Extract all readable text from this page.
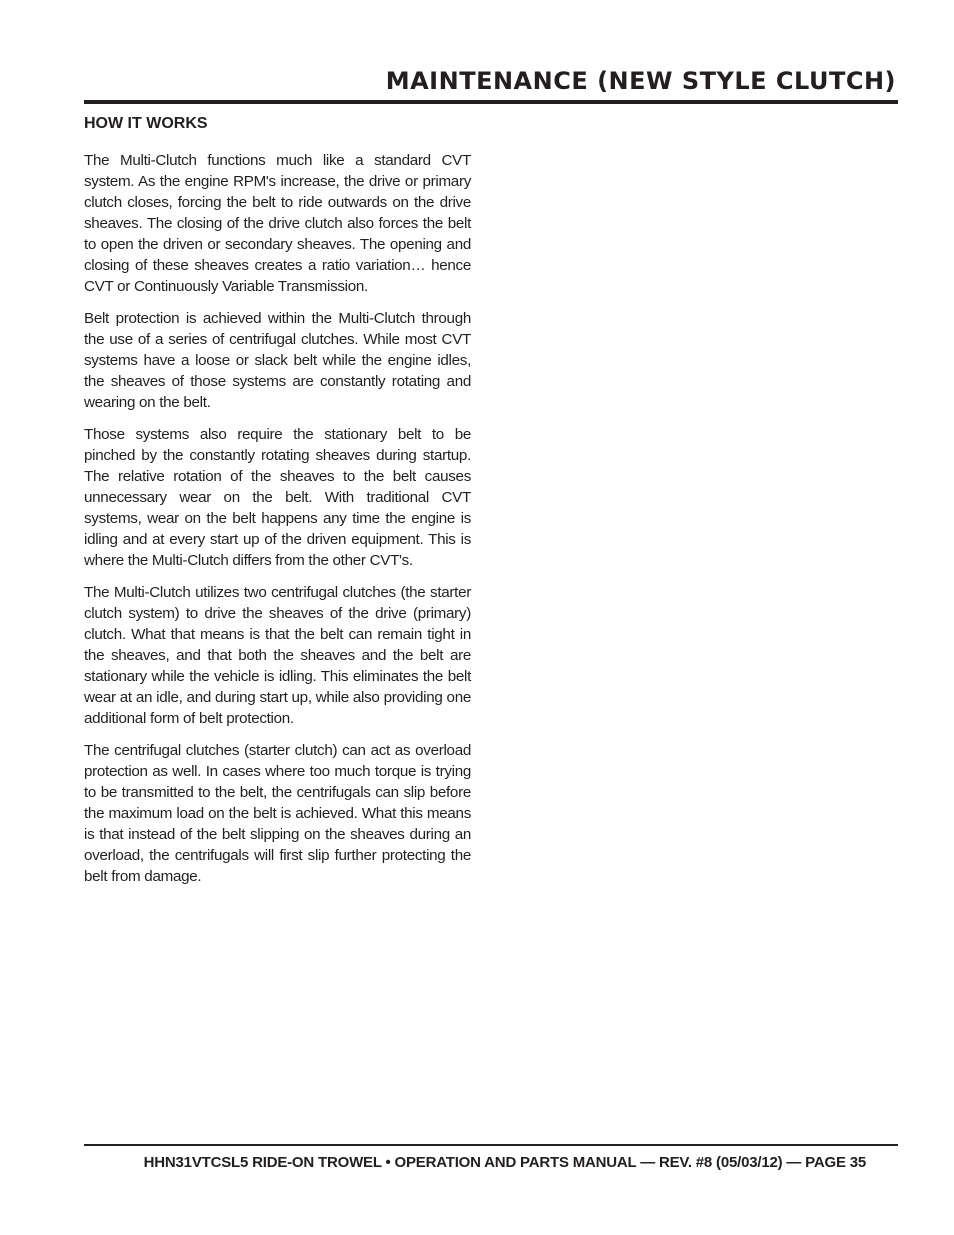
MAINTENANCE (NEW STYLE CLUTCH)
HOW IT WORKS

The Multi-Clutch functions much like a standard CVT system. As the engine RPM's increase, the drive or primary clutch closes, forcing the belt to ride outwards on the drive sheaves. The closing of the drive clutch also forces the belt to open the driven or secondary sheaves. The opening and closing of these sheaves creates a ratio variation… hence CVT or Continuously Variable Transmission.

Belt protection is achieved within the Multi-Clutch through the use of a series of centrifugal clutches. While most CVT systems have a loose or slack belt while the engine idles, the sheaves of those systems are constantly rotating and wearing on the belt.

Those systems also require the stationary belt to be pinched by the constantly rotating sheaves during startup. The relative rotation of the sheaves to the belt causes unnecessary wear on the belt. With traditional CVT systems, wear on the belt happens any time the engine is idling and at every start up of the driven equipment. This is where the Multi-Clutch differs from the other CVT's.

The Multi-Clutch utilizes two centrifugal clutches (the starter clutch system) to drive the sheaves of the drive (primary) clutch. What that means is that the belt can remain tight in the sheaves, and that both the sheaves and the belt are stationary while the vehicle is idling. This eliminates the belt wear at an idle, and during start up, while also providing one additional form of belt protection.

The centrifugal clutches (starter clutch) can act as overload protection as well. In cases where too much torque is trying to be transmitted to the belt, the centrifugals can slip before the maximum load on the belt is achieved. What this means is that instead of the belt slipping on the sheaves during an overload, the centrifugals will first slip further protecting the belt from damage.

HHN31VTCSL5 RIDE-ON TROWEL • OPERATION AND PARTS MANUAL — REV. #8 (05/03/12) — PAGE 35
